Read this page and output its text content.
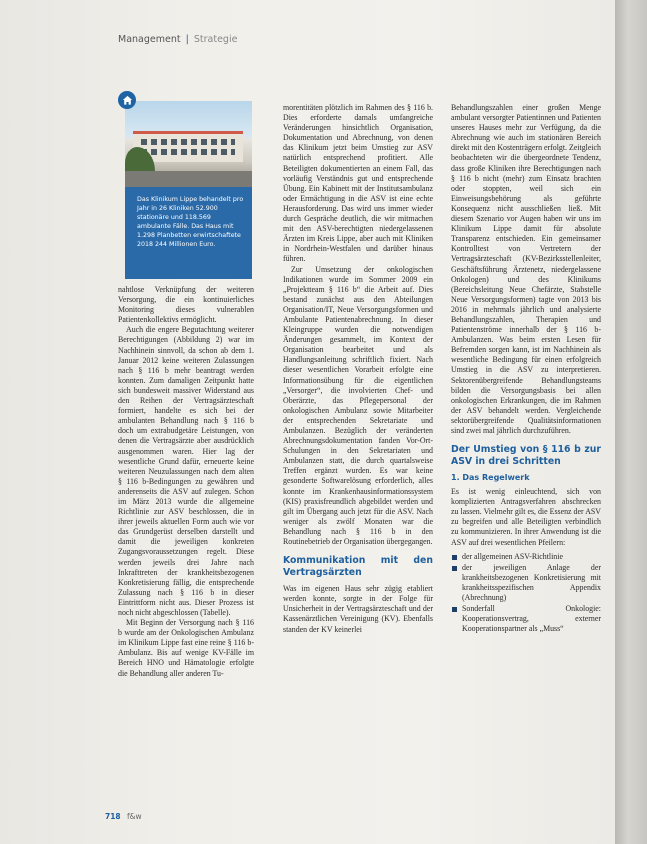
Management | Strategie
Das Klinikum Lippe behandelt pro Jahr in 26 Kliniken 52.900 stationäre und 118.569 ambulante Fälle. Das Haus mit 1.298 Planbetten erwirtschaftete 2018 244 Millionen Euro.

nahtlose Verknüpfung der weiteren Versorgung, die ein kontinuierliches Monitoring dieses vulnerablen Patientenkollektivs ermöglicht.

Auch die engere Begutachtung weiterer Berechtigungen (Abbildung 2) war im Nachhinein sinnvoll, da schon ab dem 1. Januar 2012 keine weiteren Zulassungen nach § 116 b mehr beantragt werden konnten. Zum damaligen Zeitpunkt hatte sich bundesweit massiver Widerstand aus den Reihen der Vertragsärzteschaft formiert, handelte es sich bei der ambulanten Behandlung nach § 116 b doch um extrabudgetäre Leistungen, von denen die Vertragsärzte aber ausdrücklich ausgenommen waren. Hier lag der wesentliche Grund dafür, erneuerte keine weiteren Neuzulassungen nach dem alten § 116 b-Bedingungen zu gewähren und anderenseits die ASV auf zulegen. Schon im März 2013 wurde die allgemeine Richtlinie zur ASV beschlossen, die in ihrer jeweils aktuellen Form auch wie vor das Grundgerüst derselben darstellt und damit die jeweiligen konkreten Zugangsvoraussetzungen regelt. Diese werden jeweils drei Jahre nach Inkrafttreten der krankheitsbezogenen Konkretisierung fällig, die entsprechende Zulassung nach § 116 b in dieser Eintrittform nicht aus. Dieser Prozess ist noch nicht abgeschlossen (Tabelle).

Mit Beginn der Versorgung nach § 116 b wurde am der Onkologischen Ambulanz im Klinikum Lippe fast eine reine § 116 b-Ambulanz. Bis auf wenige KV-Fälle im Bereich HNO und Hämatologie erfolgte die Behandlung aller anderen Tu-

morentitäten plötzlich im Rahmen des § 116 b. Dies erforderte damals umfangreiche Veränderungen hinsichtlich Organisation, Dokumentation und Abrechnung, von denen das Klinikum jetzt beim Umstieg zur ASV natürlich entsprechend profitiert. Alle Beteiligten dokumentierten an einem Fall, das vorläufig Verständnis gut und entsprechende Übung. Ein Kabinett mit der Institutsambulanz oder Ermächtigung in die ASV ist eine echte Herausforderung. Das wird uns immer wieder durch Gespräche deutlich, die wir mitmachen mit den ASV-berechtigten niedergelassenen Ärzten im Kreis Lippe, aber auch mit Kliniken in Nordrhein-Westfalen und darüber hinaus führen.

Zur Umsetzung der onkologischen Indikationen wurde im Sommer 2009 ein „Projektteam § 116 b“ die Arbeit auf. Dies bestand zunächst aus den Abteilungen Organisation/IT, Neue Versorgungsformen und Ambulante Patientenabrechnung. In dieser Kleingruppe wurden die notwendigen Änderungen gesammelt, im Kontext der Organisation bearbeitet und als Handlungsanleitung schriftlich fixiert. Nach dieser wesentlichen Vorarbeit erfolgte eine Informationsübung für die eigentlichen „Versorger“, die involvierten Chef- und Oberärzte, das Pflegepersonal der onkologischen Ambulanz sowie Mitarbeiter der entsprechenden Sekretariate und Ambulanzen. Bezüglich der veränderten Abrechnungsdokumentation fanden Vor-Ort-Schulungen in den Sekretariaten und Ambulanzen statt, die durch quartalsweise Treffen ergänzt wurden. Es war keine gesonderte Softwarelösung erforderlich, alles konnte im Krankenhausinformationssystem (KIS) praxisfreundlich abgebildet werden und gilt im Übergang auch jetzt für die ASV. Nach weniger als zwölf Monaten war die Behandlung nach § 116 b in den Routinebetrieb der Organisation übergegangen.

Kommunikation mit den Vertragsärzten

Was im eigenen Haus sehr zügig etabliert werden konnte, sorgte in der Folge für Unsicherheit in der Vertragsärzteschaft und der Kassenärztlichen Vereinigung (KV). Ebenfalls standen der KV keinerlei

Behandlungszahlen einer großen Menge ambulant versorgter Patientinnen und Patienten unseres Hauses mehr zur Verfügung, da die Abrechnung wie auch im stationären Bereich direkt mit den Kostenträgern erfolgt. Zeitgleich beobachteten wir die übergeordnete Tendenz, dass große Kliniken ihre Berechtigungen nach § 116 b nicht (mehr) zum Einsatz brachten oder stoppten, weil sich ein Einweisungsbehörung als geführte Konsequenz nicht ausschließen ließ. Mit diesem Szenario vor Augen haben wir uns im Klinikum Lippe damit für absolute Transparenz entschieden. Ein gemeinsamer Kontrolltest von Vertretern der Vertragsärzteschaft (KV-Bezirksstellenleiter, Geschäftsführung Ärztenetz, niedergelassene Onkologen) und des Klinikums (Bereichsleitung Neue Chefärzte, Stabstelle Neue Versorgungsformen) tagte von 2013 bis 2016 in mehrmals jährlich und analysierte Behandlungszahlen, Therapien und Patientenströme innerhalb der § 116 b-Ambulanzen. Was beim ersten Lesen für Befremden sorgen kann, ist im Nachhinein als wesentliche Bedingung für einen erfolgreich Umstieg in die ASV zu interpretieren. Sektorenübergreifende Behandlungsteams bilden die Versorgungsbasis bei allen onkologischen Erkrankungen, die im Rahmen der ASV behandelt werden. Vergleichende sektorübergreifende Qualitätsinformationen sind zwei mal jährlich durchzuführen.

Der Umstieg von § 116 b zur ASV in drei Schritten
1. Das Regelwerk

Es ist wenig einleuchtend, sich von komplizierten Antragsverfahren abschrecken zu lassen. Vielmehr gilt es, die Essenz der ASV zu begreifen und alle Beteiligten verbindlich zu kommunizieren. In ihrer Anwendung ist die ASV auf drei wesentlichen Pfeilern:

der allgemeinen ASV-Richtlinie
der jeweiligen Anlage der krankheitsbezogenen Konkretisierung mit krankheitsspezifischen Appendix (Abrechnung)
Sonderfall Onkologie: Kooperationsvertrag, externer Kooperationspartner als „Muss“
718 f&w
